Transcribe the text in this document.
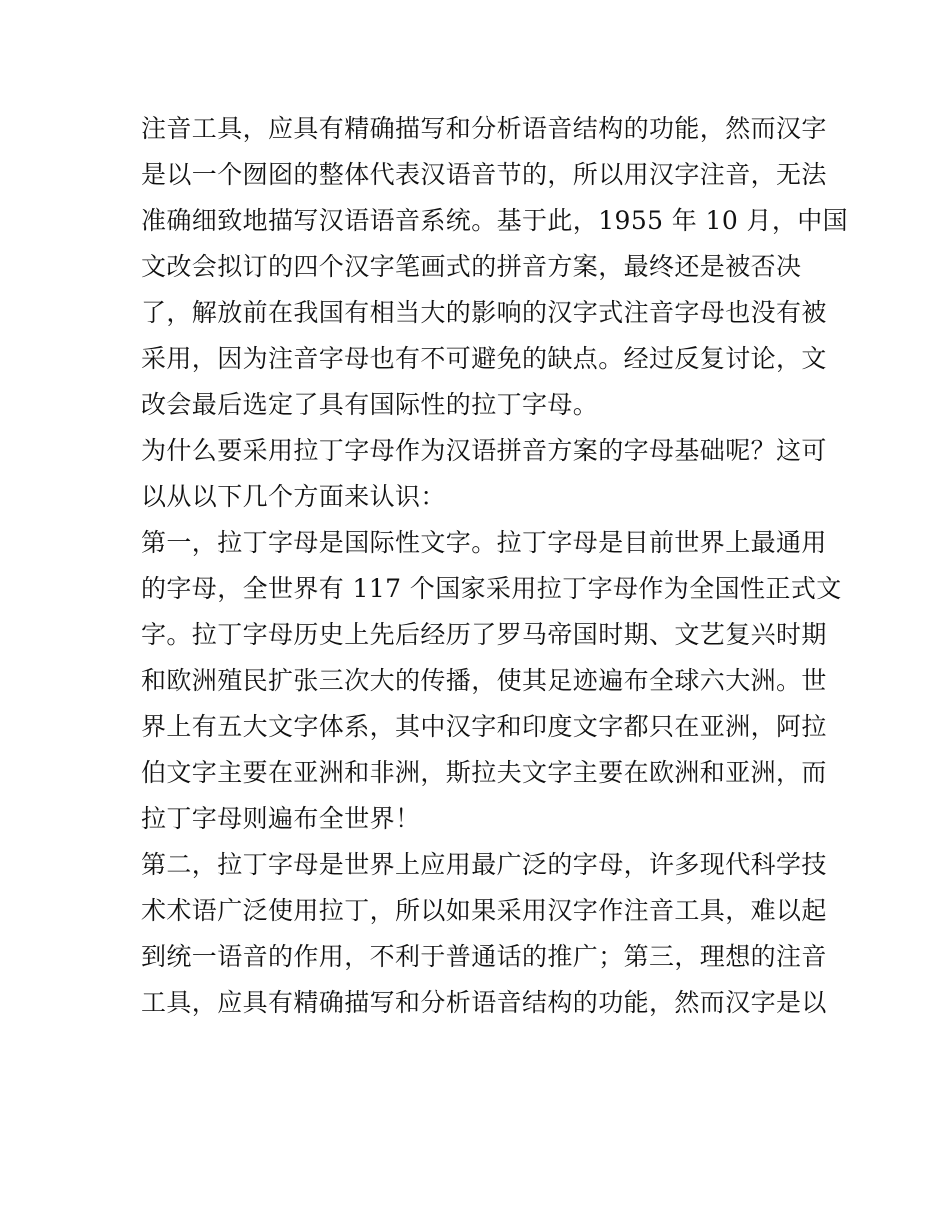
注音工具，应具有精确描写和分析语音结构的功能，然而汉字
是以一个囫囵的整体代表汉语音节的，所以用汉字注音，无法
准确细致地描写汉语语音系统。基于此，1955 年 10 月，中国
文改会拟订的四个汉字笔画式的拼音方案，最终还是被否决
了，解放前在我国有相当大的影响的汉字式注音字母也没有被
采用，因为注音字母也有不可避免的缺点。经过反复讨论，文
改会最后选定了具有国际性的拉丁字母。
为什么要采用拉丁字母作为汉语拼音方案的字母基础呢？这可
以从以下几个方面来认识：
第一，拉丁字母是国际性文字。拉丁字母是目前世界上最通用
的字母，全世界有 117 个国家采用拉丁字母作为全国性正式文
字。拉丁字母历史上先后经历了罗马帝国时期、文艺复兴时期
和欧洲殖民扩张三次大的传播，使其足迹遍布全球六大洲。世
界上有五大文字体系，其中汉字和印度文字都只在亚洲，阿拉
伯文字主要在亚洲和非洲，斯拉夫文字主要在欧洲和亚洲，而
拉丁字母则遍布全世界！
第二，拉丁字母是世界上应用最广泛的字母，许多现代科学技
术术语广泛使用拉丁，所以如果采用汉字作注音工具，难以起
到统一语音的作用，不利于普通话的推广；第三，理想的注音
工具，应具有精确描写和分析语音结构的功能，然而汉字是以
